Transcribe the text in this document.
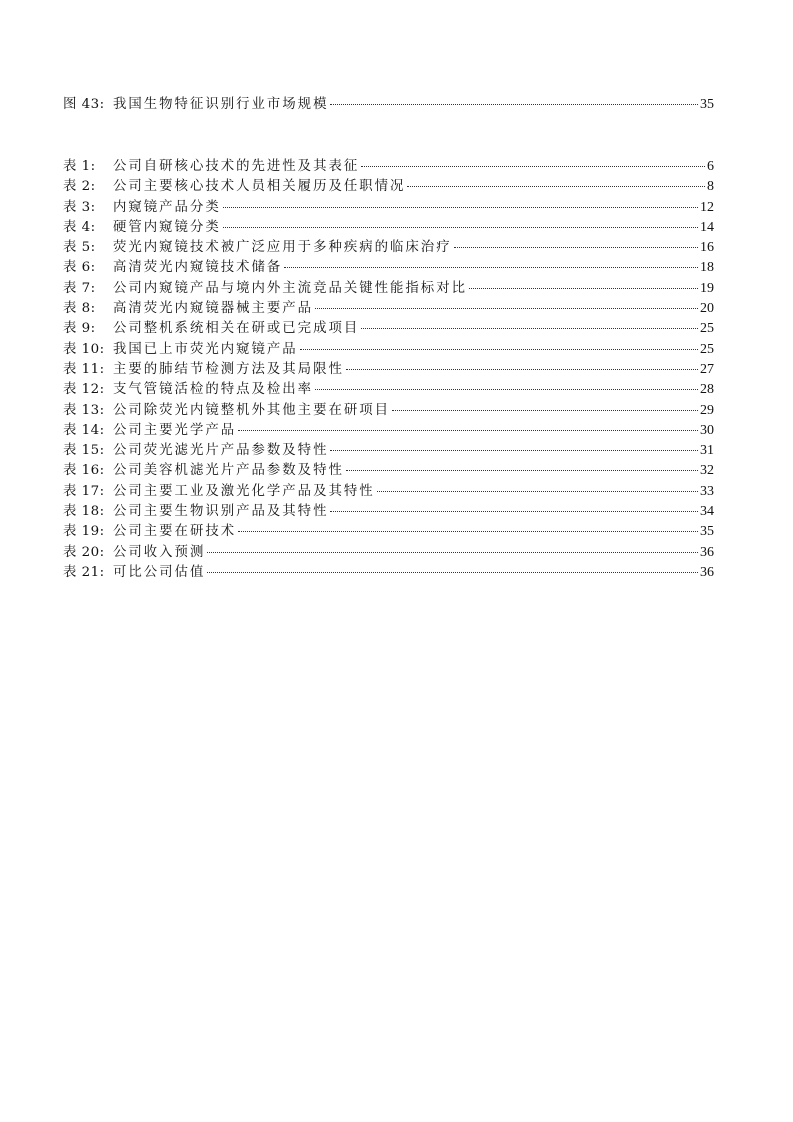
图 43: 我国生物特征识别行业市场规模	35
表 1:	公司自研核心技术的先进性及其表征	6
表 2:	公司主要核心技术人员相关履历及任职情况	8
表 3:	内窥镜产品分类	12
表 4:	硬管内窥镜分类	14
表 5:	荧光内窥镜技术被广泛应用于多种疾病的临床治疗	16
表 6:	高清荧光内窥镜技术储备	18
表 7:	公司内窥镜产品与境内外主流竞品关键性能指标对比	19
表 8:	高清荧光内窥镜器械主要产品	20
表 9:	公司整机系统相关在研或已完成项目	25
表 10: 我国已上市荧光内窥镜产品	25
表 11: 主要的肺结节检测方法及其局限性	27
表 12: 支气管镜活检的特点及检出率	28
表 13: 公司除荧光内镜整机外其他主要在研项目	29
表 14: 公司主要光学产品	30
表 15: 公司荧光滤光片产品参数及特性	31
表 16: 公司美容机滤光片产品参数及特性	32
表 17: 公司主要工业及激光化学产品及其特性	33
表 18: 公司主要生物识别产品及其特性	34
表 19: 公司主要在研技术	35
表 20: 公司收入预测	36
表 21: 可比公司估值	36
